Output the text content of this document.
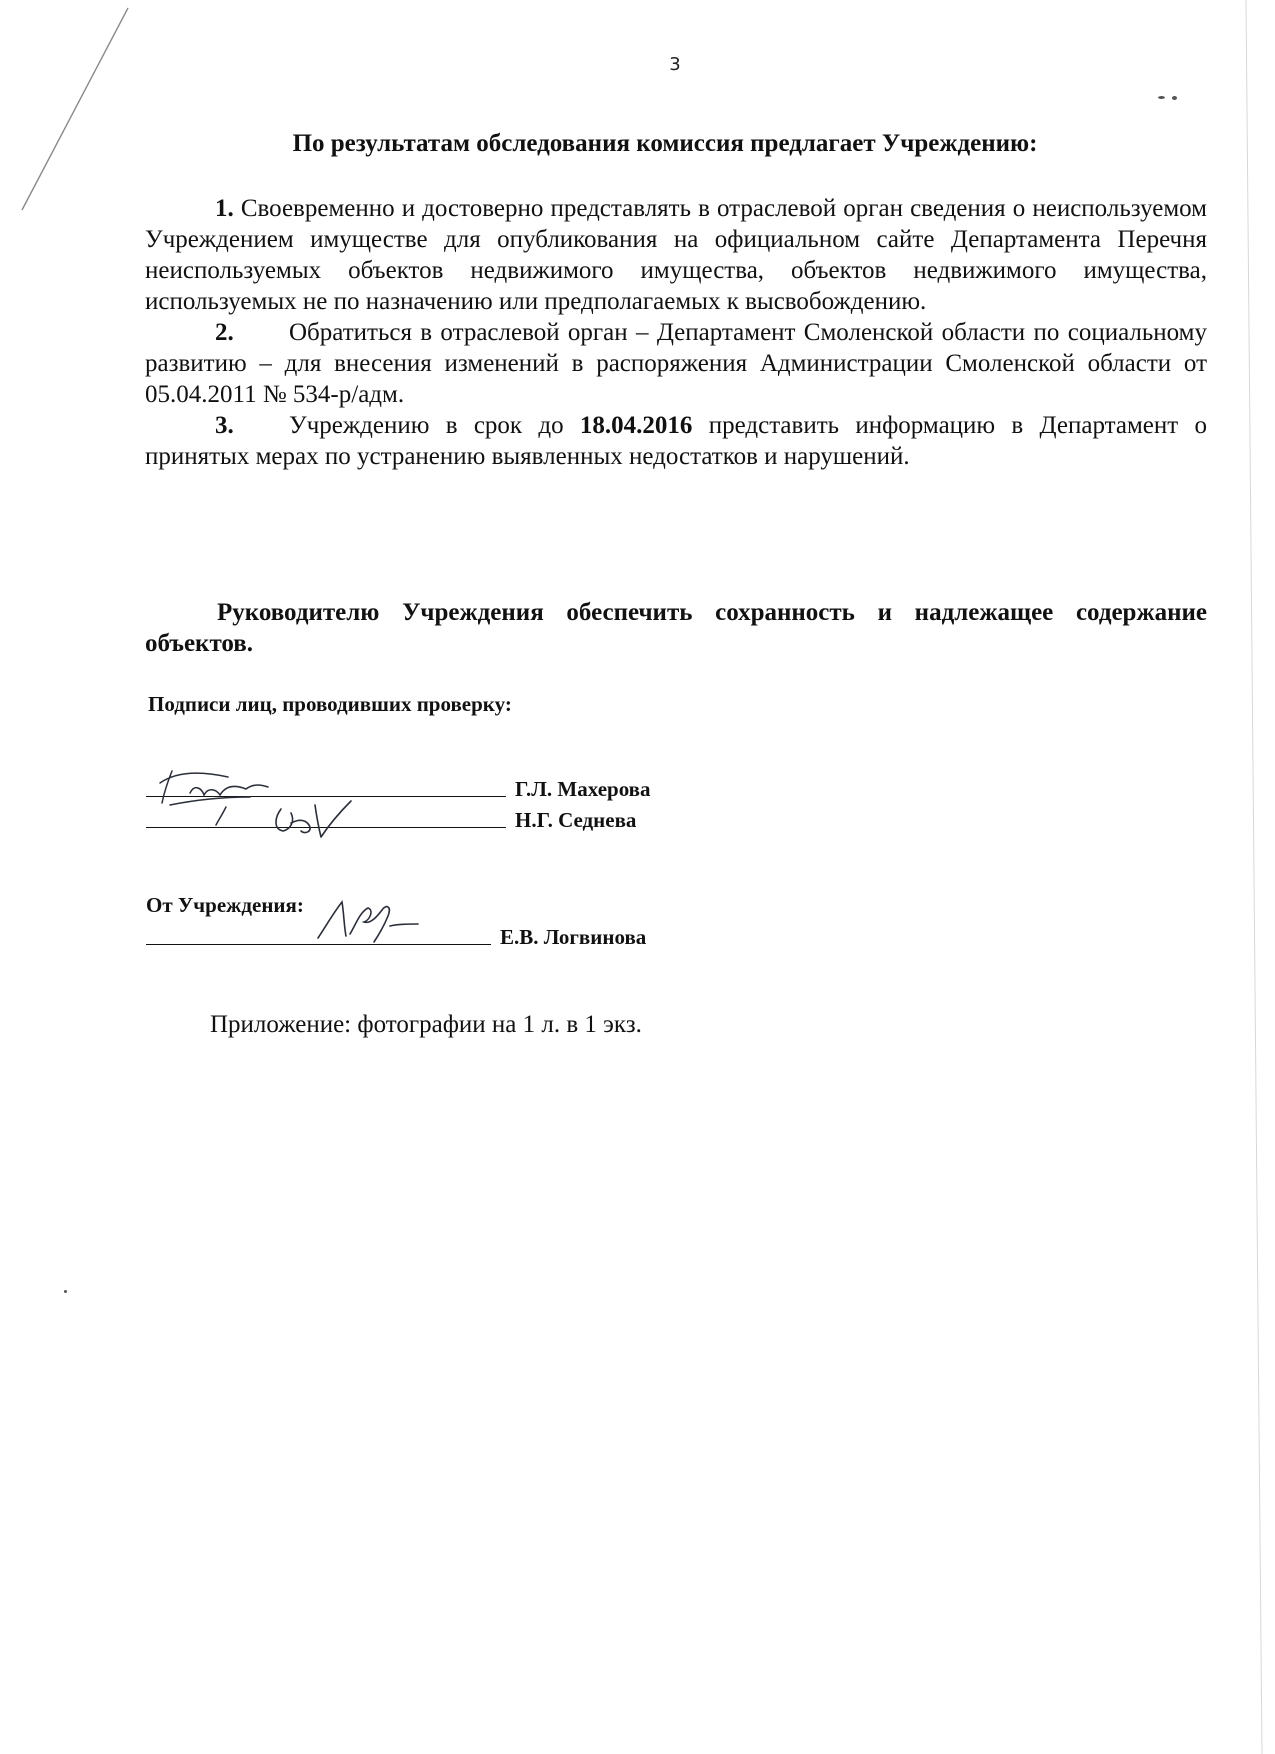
3
По результатам обследования комиссия предлагает Учреждению:

1. Своевременно и достоверно представлять в отраслевой орган сведения о неиспользуемом Учреждением имуществе для опубликования на официальном сайте Департамента Перечня неиспользуемых объектов недвижимого имущества, объектов недвижимого имущества, используемых не по назначению или предполагаемых к высвобождению.

2. Обратиться в отраслевой орган – Департамент Смоленской области по социальному развитию – для внесения изменений в распоряжения Администрации Смоленской области от 05.04.2011 № 534-р/адм.

3. Учреждению в срок до 18.04.2016 представить информацию в Департамент о принятых мерах по устранению выявленных недостатков и нарушений.

Руководителю Учреждения обеспечить сохранность и надлежащее содержание объектов.

Подписи лиц, проводивших проверку:
Г.Л. Махерова
Н.Г. Седнева
От Учреждения:
Е.В. Логвинова
Приложение: фотографии на 1 л. в 1 экз.
